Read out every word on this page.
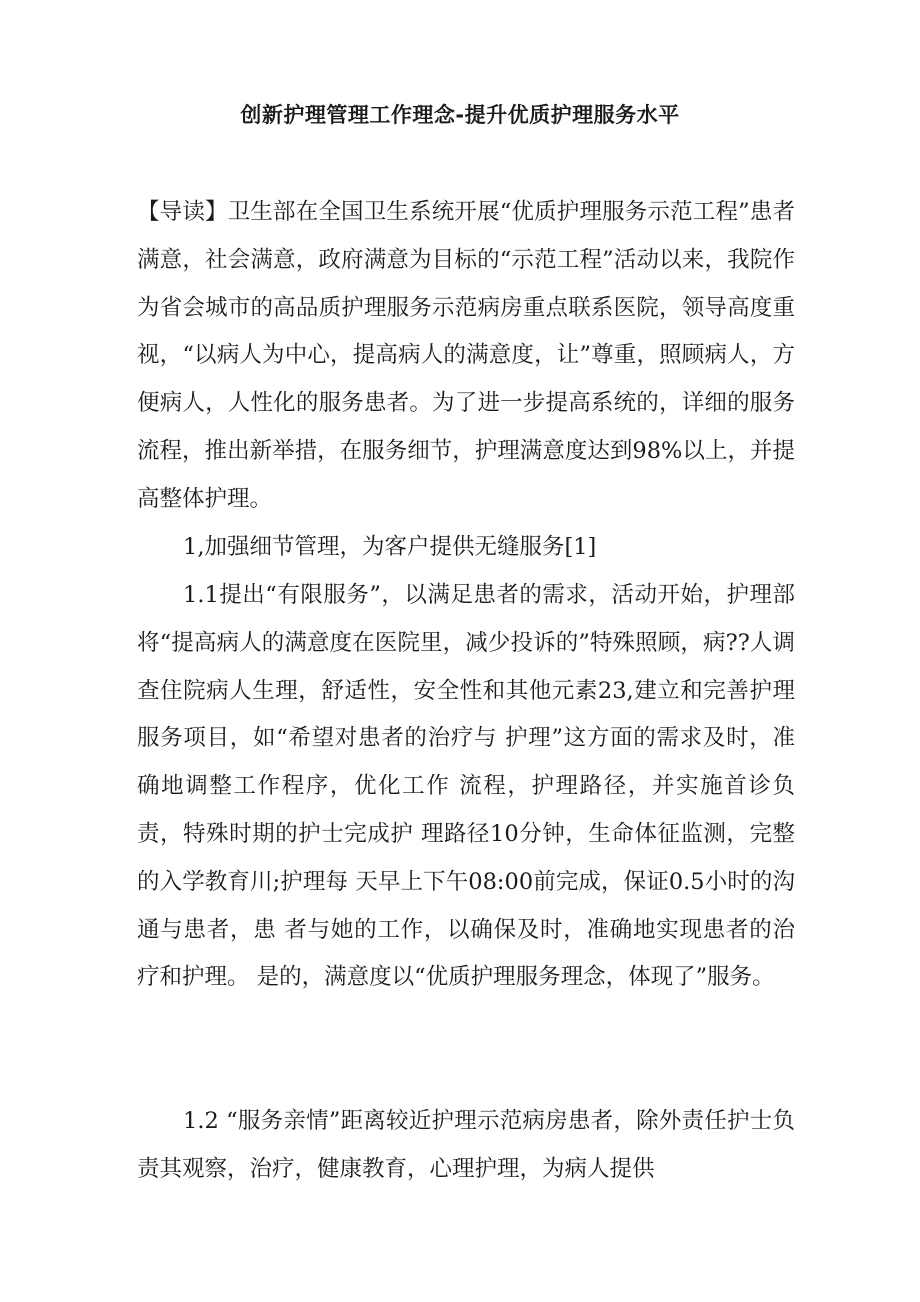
创新护理管理工作理念-提升优质护理服务水平

【导读】卫生部在全国卫生系统开展“优质护理服务示范工程”患者满意，社会满意，政府满意为目标的“示范工程”活动以来，我院作为省会城市的高品质护理服务示范病房重点联系医院，领导高度重视，“以病人为中心，提高病人的满意度，让”尊重，照顾病人，方便病人，人性化的服务患者。为了进一步提高系统的，详细的服务流程，推出新举措，在服务细节，护理满意度达到98%以上，并提高整体护理。

1,加强细节管理，为客户提供无缝服务[1]

1.1提出“有限服务”，以满足患者的需求，活动开始，护理部将“提高病人的满意度在医院里，减少投诉的”特殊照顾，病??人调查住院病人生理，舒适性，安全性和其他元素23,建立和完善护理服务项目，如“希望对患者的治疗与 护理”这方面的需求及时，准确地调整工作程序，优化工作 流程，护理路径，并实施首诊负责，特殊时期的护士完成护 理路径10分钟，生命体征监测，完整的入学教育川;护理每 天早上下午08:00前完成，保证0.5小时的沟通与患者，患 者与她的工作，以确保及时，准确地实现患者的治疗和护理。 是的，满意度以“优质护理服务理念，体现了”服务。

1.2 “服务亲情”距离较近护理示范病房患者，除外责任护士负责其观察，治疗，健康教育，心理护理，为病人提供
